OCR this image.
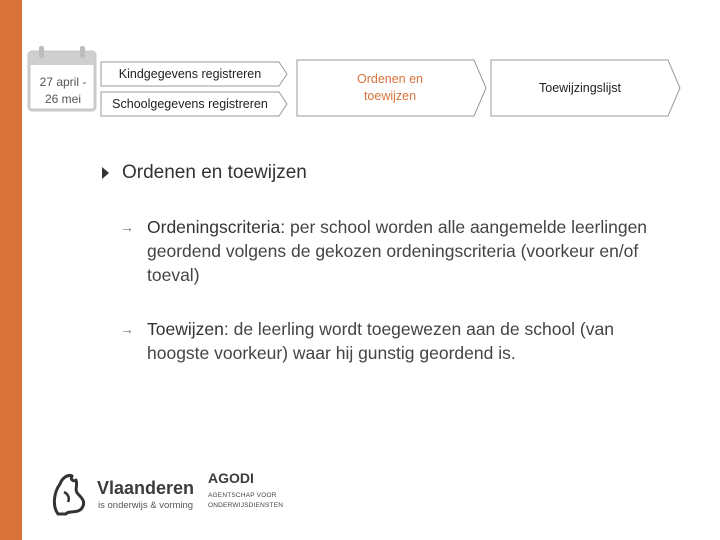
27 april -
26 mei
Kindgegevens registreren
Schoolgegevens registreren
Ordenen en toewijzen
Toewijzingslijst
Ordenen en toewijzen
→ Ordeningscriteria: per school worden alle aangemelde leerlingen geordend volgens de gekozen ordeningscriteria (voorkeur en/of toeval)
→ Toewijzen: de leerling wordt toegewezen aan de school (van hoogste voorkeur) waar hij gunstig geordend is.
Vlaanderen
is onderwijs & vorming
AGODI
AGENTSCHAP VOOR ONDERWIJSDIENSTEN
